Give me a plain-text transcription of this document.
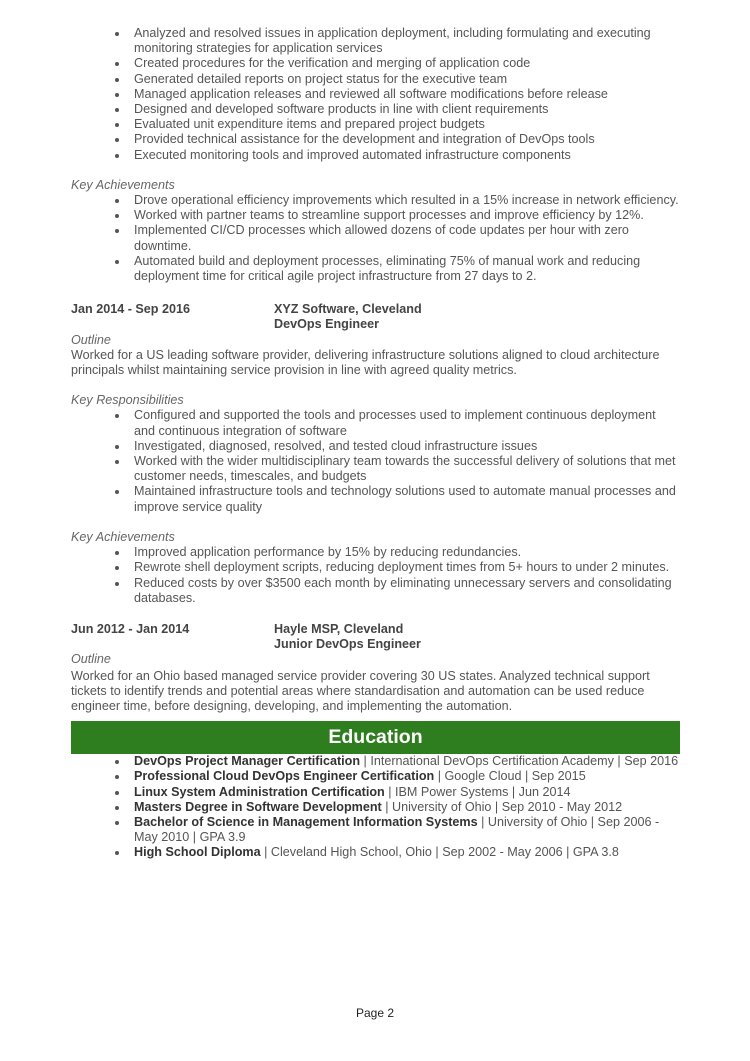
Analyzed and resolved issues in application deployment, including formulating and executing monitoring strategies for application services
Created procedures for the verification and merging of application code
Generated detailed reports on project status for the executive team
Managed application releases and reviewed all software modifications before release
Designed and developed software products in line with client requirements
Evaluated unit expenditure items and prepared project budgets
Provided technical assistance for the development and integration of DevOps tools
Executed monitoring tools and improved automated infrastructure components
Key Achievements
Drove operational efficiency improvements which resulted in a 15% increase in network efficiency.
Worked with partner teams to streamline support processes and improve efficiency by 12%.
Implemented CI/CD processes which allowed dozens of code updates per hour with zero downtime.
Automated build and deployment processes, eliminating 75% of manual work and reducing deployment time for critical agile project infrastructure from 27 days to 2.
Jan 2014 - Sep 2016	XYZ Software, Cleveland
DevOps Engineer
Outline
Worked for a US leading software provider, delivering infrastructure solutions aligned to cloud architecture principals whilst maintaining service provision in line with agreed quality metrics.
Key Responsibilities
Configured and supported the tools and processes used to implement continuous deployment and continuous integration of software
Investigated, diagnosed, resolved, and tested cloud infrastructure issues
Worked with the wider multidisciplinary team towards the successful delivery of solutions that met customer needs, timescales, and budgets
Maintained infrastructure tools and technology solutions used to automate manual processes and improve service quality
Key Achievements
Improved application performance by 15% by reducing redundancies.
Rewrote shell deployment scripts, reducing deployment times from 5+ hours to under 2 minutes.
Reduced costs by over $3500 each month by eliminating unnecessary servers and consolidating databases.
Jun 2012 - Jan 2014	Hayle MSP, Cleveland
Junior DevOps Engineer
Outline
Worked for an Ohio based managed service provider covering 30 US states. Analyzed technical support tickets to identify trends and potential areas where standardisation and automation can be used reduce engineer time, before designing, developing, and implementing the automation.
Education
DevOps Project Manager Certification | International DevOps Certification Academy | Sep 2016
Professional Cloud DevOps Engineer Certification | Google Cloud | Sep 2015
Linux System Administration Certification | IBM Power Systems | Jun 2014
Masters Degree in Software Development | University of Ohio | Sep 2010 - May 2012
Bachelor of Science in Management Information Systems | University of Ohio | Sep 2006 - May 2010 | GPA 3.9
High School Diploma | Cleveland High School, Ohio | Sep 2002 - May 2006 | GPA 3.8
Page 2
